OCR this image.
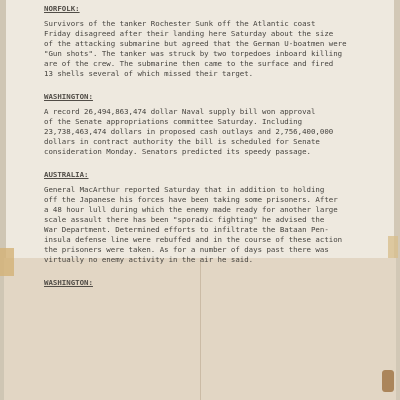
NORFOLK:

Survivors of the tanker Rochester Sunk off the Atlantic coast
Friday disagreed after their landing here Saturday about the size
of the attacking submarine but agreed that the German U-boatmen were
"Gun shots". The tanker was struck by two torpedoes inboard killing
are of the crew. The submarine then came to the surface and fired
13 shells several of which missed their target.

WASHINGTON:

A record 26,494,863,474 dollar Naval supply bill won approval
of the Senate appropriations committee Saturday. Including
23,738,463,474 dollars in proposed cash outlays and 2,756,400,000
dollars in contract authority the bill is scheduled for Senate
consideration Monday. Senators predicted its speedy passage.

AUSTRALIA:

General MacArthur reported Saturday that in addition to holding
off the Japanese his forces have been taking some prisoners. After
a 48 hour lull during which the enemy made ready for another large
scale assault there has been "sporadic fighting" he advised the
War Department. Determined efforts to infiltrate the Bataan Pen-
insula defense line were rebuffed and in the course of these action
the prisoners were taken. As for a number of days past there was
virtually no enemy activity in the air he said.

WASHINGTON:
